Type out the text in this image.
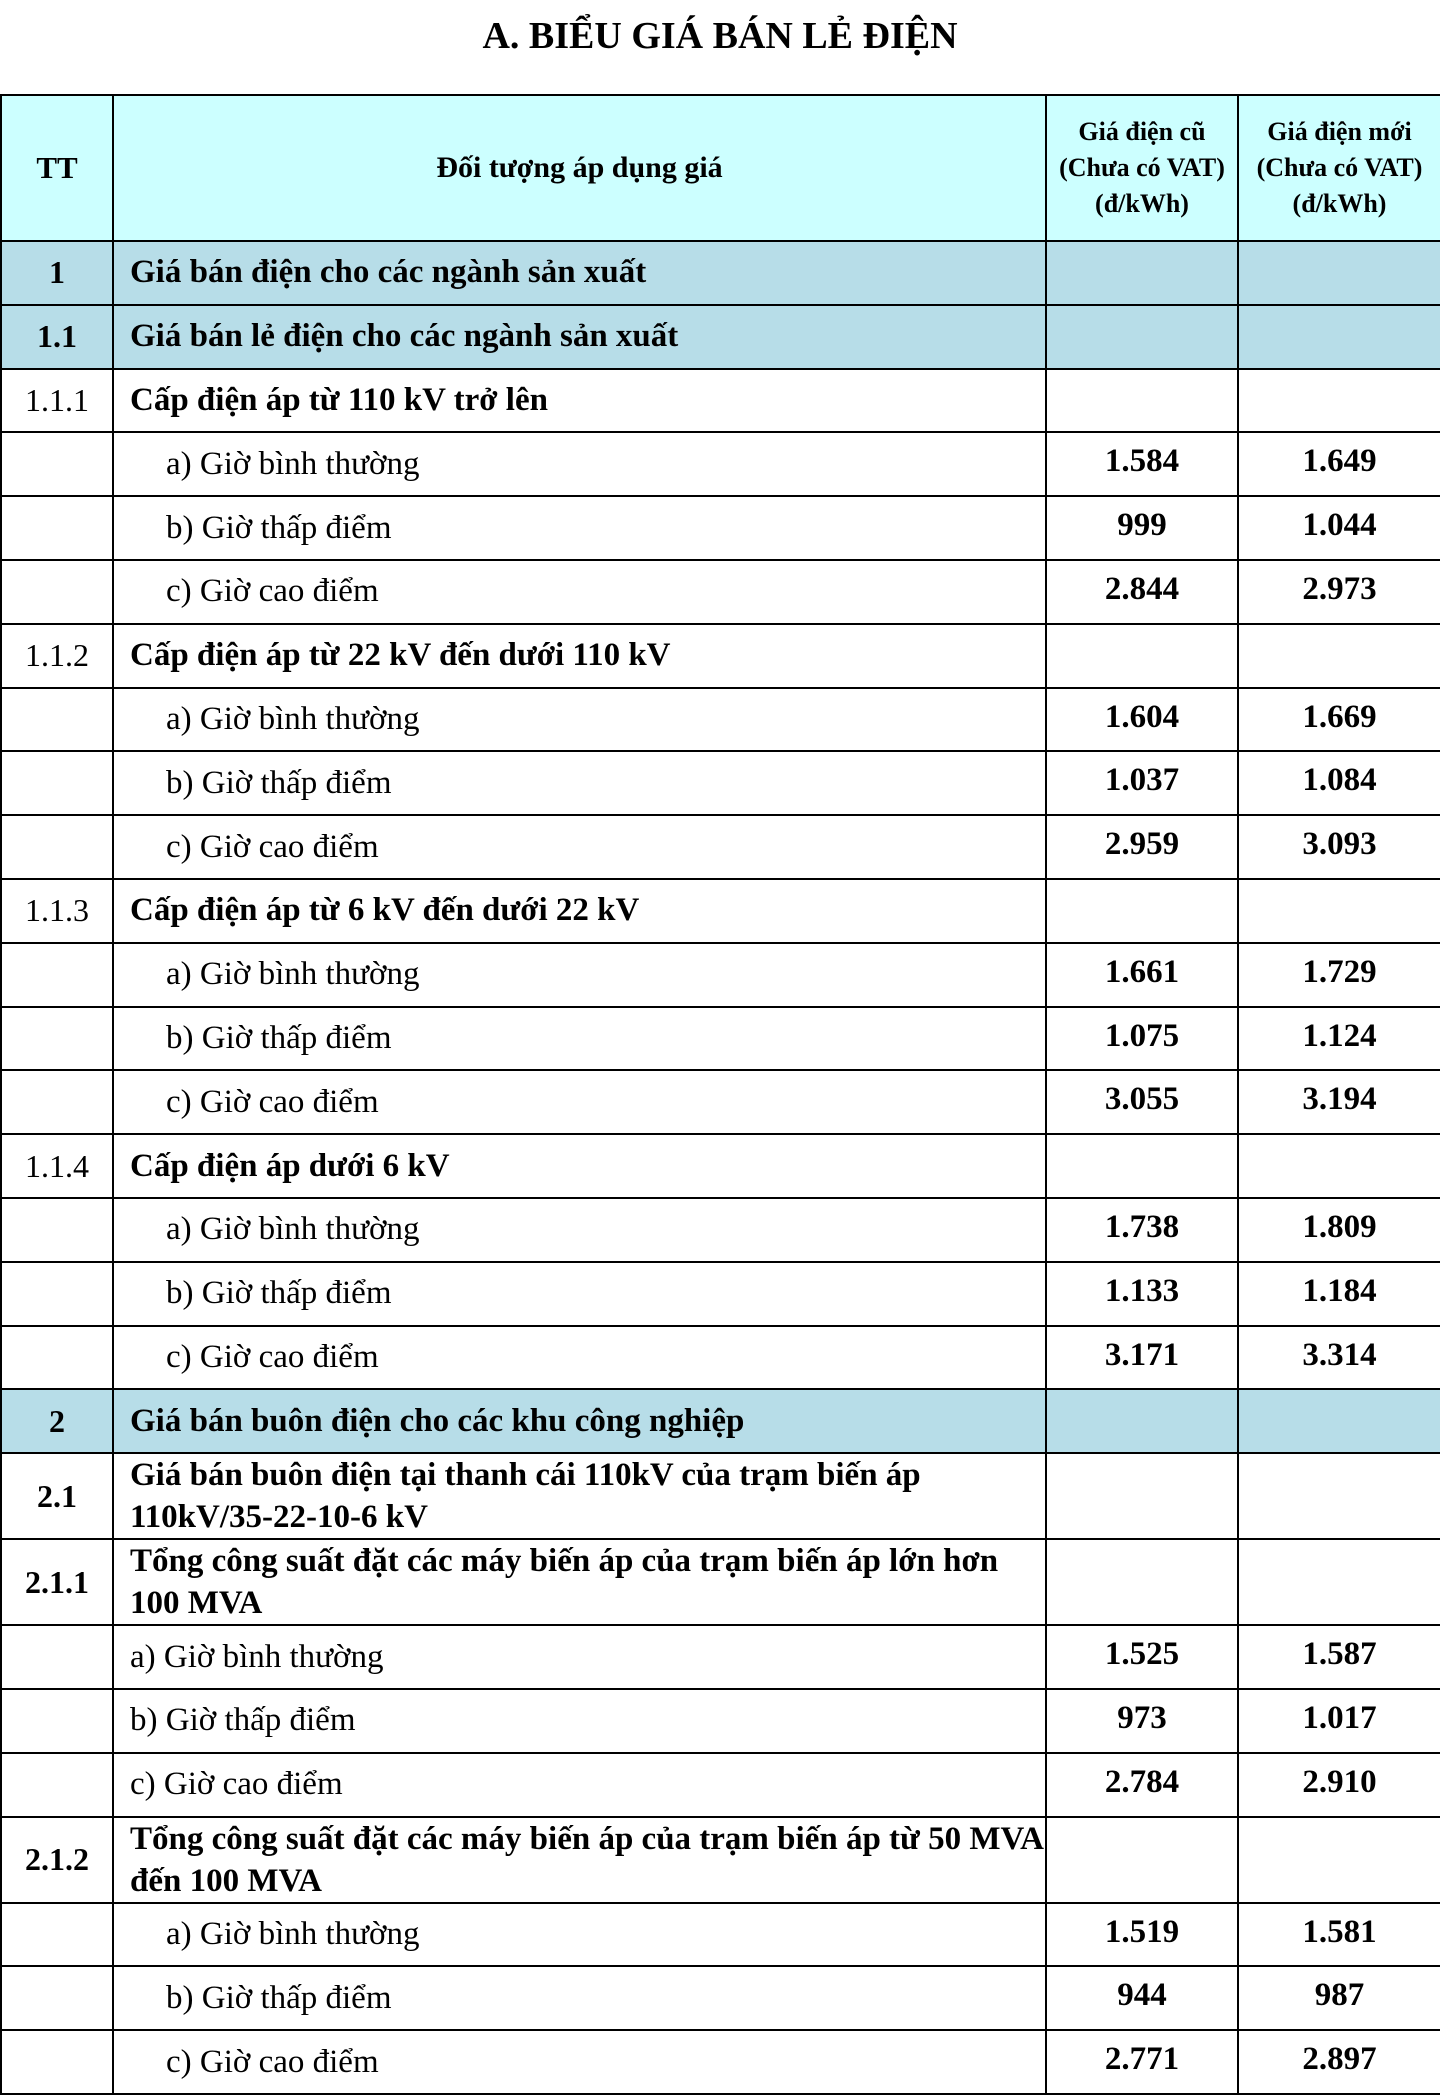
A. BIỂU GIÁ BÁN LẺ ĐIỆN
TT	Đối tượng áp dụng giá	Giá điện cũ (Chưa có VAT) (đ/kWh)	Giá điện mới (Chưa có VAT) (đ/kWh)
1	Giá bán điện cho các ngành sản xuất		
1.1	Giá bán lẻ điện cho các ngành sản xuất		
1.1.1	Cấp điện áp từ 110 kV trở lên		
	a) Giờ bình thường	1.584	1.649
	b) Giờ thấp điểm	999	1.044
	c) Giờ cao điểm	2.844	2.973
1.1.2	Cấp điện áp từ 22 kV đến dưới 110 kV		
	a) Giờ bình thường	1.604	1.669
	b) Giờ thấp điểm	1.037	1.084
	c) Giờ cao điểm	2.959	3.093
1.1.3	Cấp điện áp từ 6 kV đến dưới 22 kV		
	a) Giờ bình thường	1.661	1.729
	b) Giờ thấp điểm	1.075	1.124
	c) Giờ cao điểm	3.055	3.194
1.1.4	Cấp điện áp dưới 6 kV		
	a) Giờ bình thường	1.738	1.809
	b) Giờ thấp điểm	1.133	1.184
	c) Giờ cao điểm	3.171	3.314
2	Giá bán buôn điện cho các khu công nghiệp		
2.1	Giá bán buôn điện tại thanh cái 110kV của trạm biến áp 110kV/35-22-10-6 kV		
2.1.1	Tổng công suất đặt các máy biến áp của trạm biến áp lớn hơn 100 MVA		
	a) Giờ bình thường	1.525	1.587
	b) Giờ thấp điểm	973	1.017
	c) Giờ cao điểm	2.784	2.910
2.1.2	Tổng công suất đặt các máy biến áp của trạm biến áp từ 50 MVA đến 100 MVA		
	a) Giờ bình thường	1.519	1.581
	b) Giờ thấp điểm	944	987
	c) Giờ cao điểm	2.771	2.897
